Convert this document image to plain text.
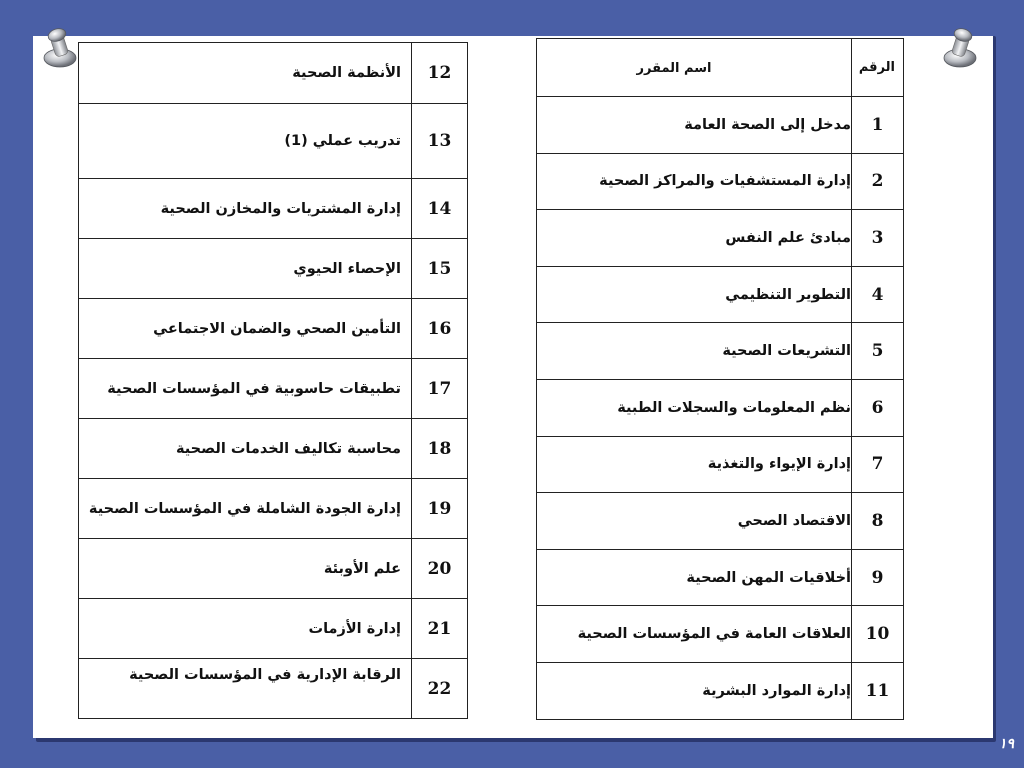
الرقم	اسم المقرر
1	مدخل إلى الصحة العامة
2	إدارة المستشفيات والمراكز الصحية
3	مبادئ علم النفس
4	التطوير التنظيمي
5	التشريعات الصحية
6	نظم المعلومات والسجلات الطبية
7	إدارة الإيواء والتغذية
8	الاقتصاد الصحي
9	أخلاقيات المهن الصحية
10	العلاقات العامة في المؤسسات الصحية
11	إدارة الموارد البشرية
12	الأنظمة الصحية
13	تدريب عملي (1)
14	إدارة المشتريات والمخازن الصحية
15	الإحصاء الحيوي
16	التأمين الصحي والضمان الاجتماعي
17	تطبيقات حاسوبية في المؤسسات الصحية
18	محاسبة تكاليف الخدمات الصحية
19	إدارة الجودة الشاملة في المؤسسات الصحية
20	علم الأوبئة
21	إدارة الأزمات
22	الرقابة الإدارية في المؤسسات الصحية
١٩
